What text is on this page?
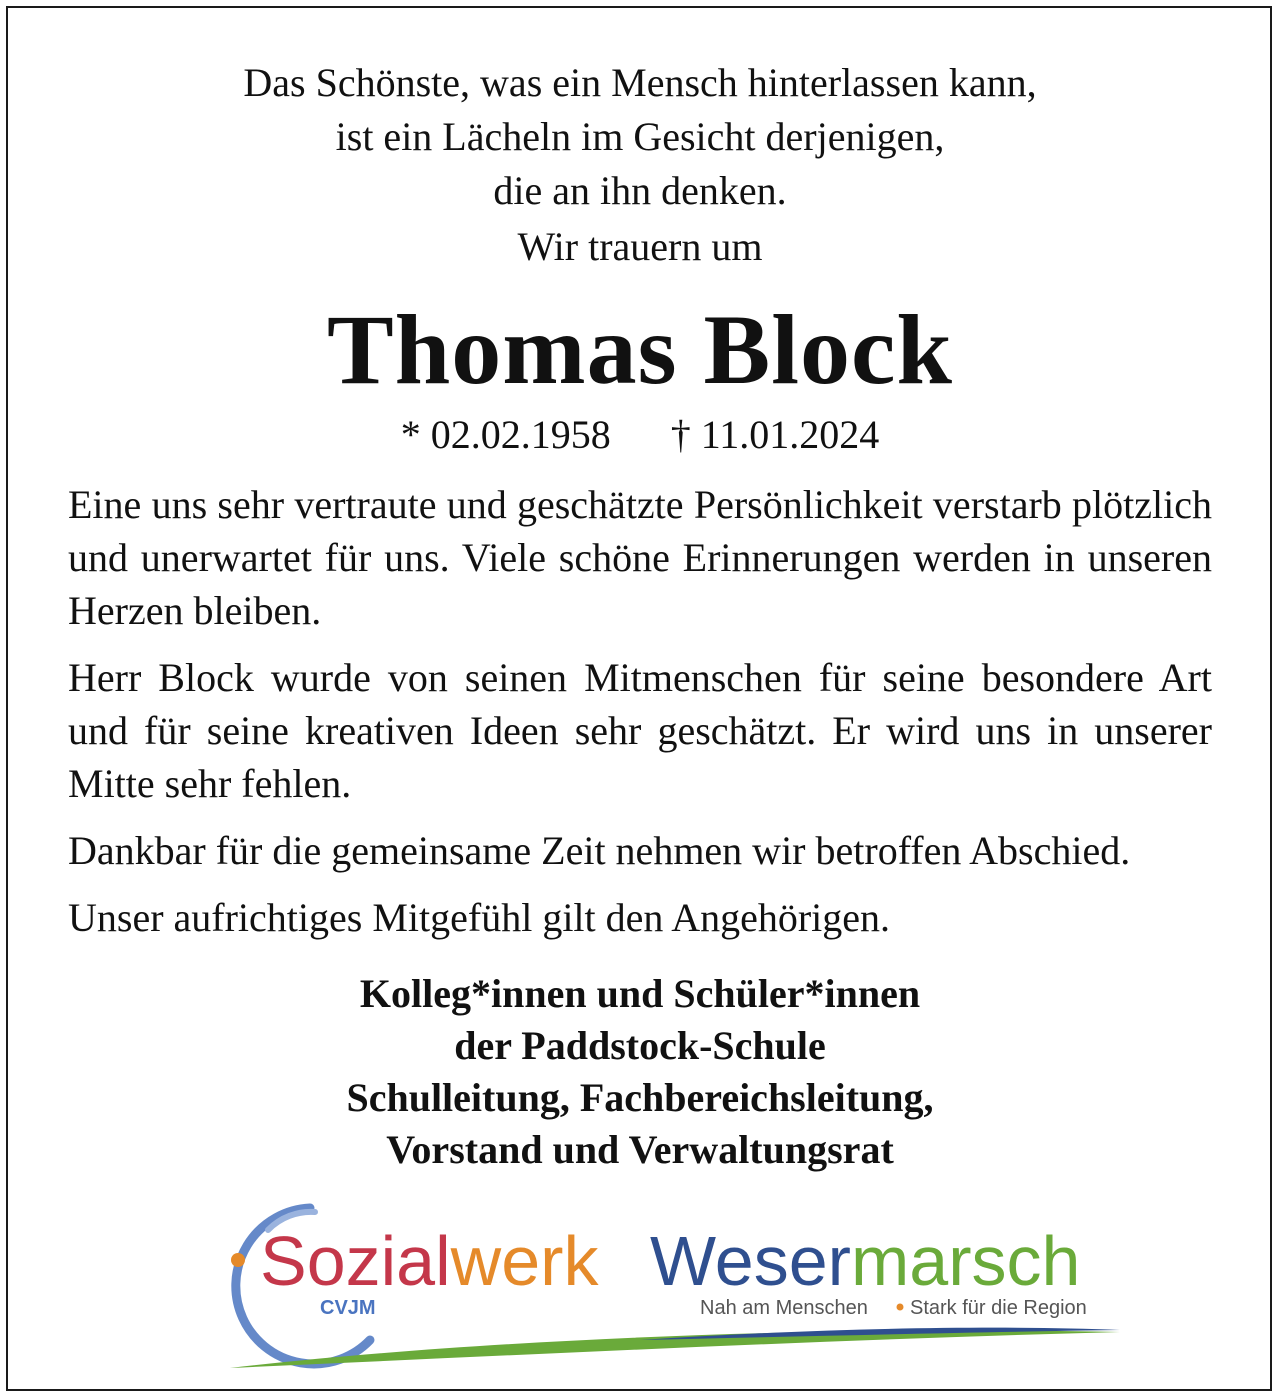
Das Schönste, was ein Mensch hinterlassen kann,
ist ein Lächeln im Gesicht derjenigen,
die an ihn denken.
Wir trauern um
Thomas Block
* 02.02.1958 † 11.01.2024

Eine uns sehr vertraute und geschätzte Persönlichkeit verstarb plötzlich und unerwartet für uns. Viele schöne Erinnerungen werden in unseren Herzen bleiben.

Herr Block wurde von seinen Mitmenschen für seine besondere Art und für seine kreativen Ideen sehr geschätzt. Er wird uns in unserer Mitte sehr fehlen.

Dankbar für die gemeinsame Zeit nehmen wir betroffen Abschied.

Unser aufrichtiges Mitgefühl gilt den Angehörigen.

Kolleg*innen und Schüler*innen
der Paddstock-Schule
Schulleitung, Fachbereichsleitung,
Vorstand und Verwaltungsrat
Sozialwerk Wesermarsch
CVJM	Nah am Menschen Stark für die Region
